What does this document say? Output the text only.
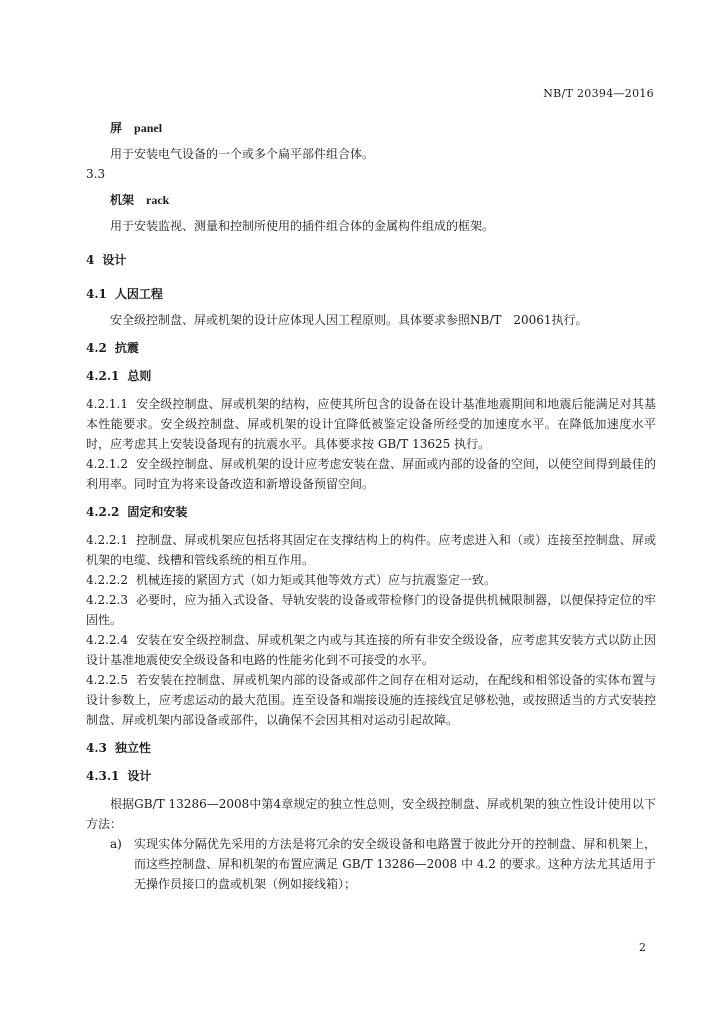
NB/T 20394—2016
屏 panel
用于安装电气设备的一个或多个扁平部件组合体。
3.3
机架 rack
用于安装监视、测量和控制所使用的插件组合体的金属构件组成的框架。
4 设计
4.1 人因工程
安全级控制盘、屏或机架的设计应体现人因工程原则。具体要求参照NB/T　20061执行。
4.2 抗震
4.2.1 总则
4.2.1.1 安全级控制盘、屏或机架的结构，应使其所包含的设备在设计基准地震期间和地震后能满足对其基本性能要求。安全级控制盘、屏或机架的设计宜降低被鉴定设备所经受的加速度水平。在降低加速度水平时，应考虑其上安装设备现有的抗震水平。具体要求按 GB/T 13625 执行。
4.2.1.2 安全级控制盘、屏或机架的设计应考虑安装在盘、屏面或内部的设备的空间，以使空间得到最佳的利用率。同时宜为将来设备改造和新增设备预留空间。
4.2.2 固定和安装
4.2.2.1 控制盘、屏或机架应包括将其固定在支撑结构上的构件。应考虑进入和（或）连接至控制盘、屏或机架的电缆、线槽和管线系统的相互作用。
4.2.2.2 机械连接的紧固方式（如力矩或其他等效方式）应与抗震鉴定一致。
4.2.2.3 必要时，应为插入式设备、导轨安装的设备或带检修门的设备提供机械限制器，以便保持定位的牢固性。
4.2.2.4 安装在安全级控制盘、屏或机架之内或与其连接的所有非安全级设备，应考虑其安装方式以防止因设计基准地震使安全级设备和电路的性能劣化到不可接受的水平。
4.2.2.5 若安装在控制盘、屏或机架内部的设备或部件之间存在相对运动，在配线和相邻设备的实体布置与设计参数上，应考虑运动的最大范围。连至设备和端接设施的连接线宜足够松弛，或按照适当的方式安装控制盘、屏或机架内部设备或部件，以确保不会因其相对运动引起故障。
4.3 独立性
4.3.1 设计
根据GB/T 13286—2008中第4章规定的独立性总则，安全级控制盘、屏或机架的独立性设计使用以下方法：
a) 实现实体分隔优先采用的方法是将冗余的安全级设备和电路置于彼此分开的控制盘、屏和机架上，而这些控制盘、屏和机架的布置应满足 GB/T 13286—2008 中 4.2 的要求。这种方法尤其适用于无操作员接口的盘或机架（例如接线箱）；
2
